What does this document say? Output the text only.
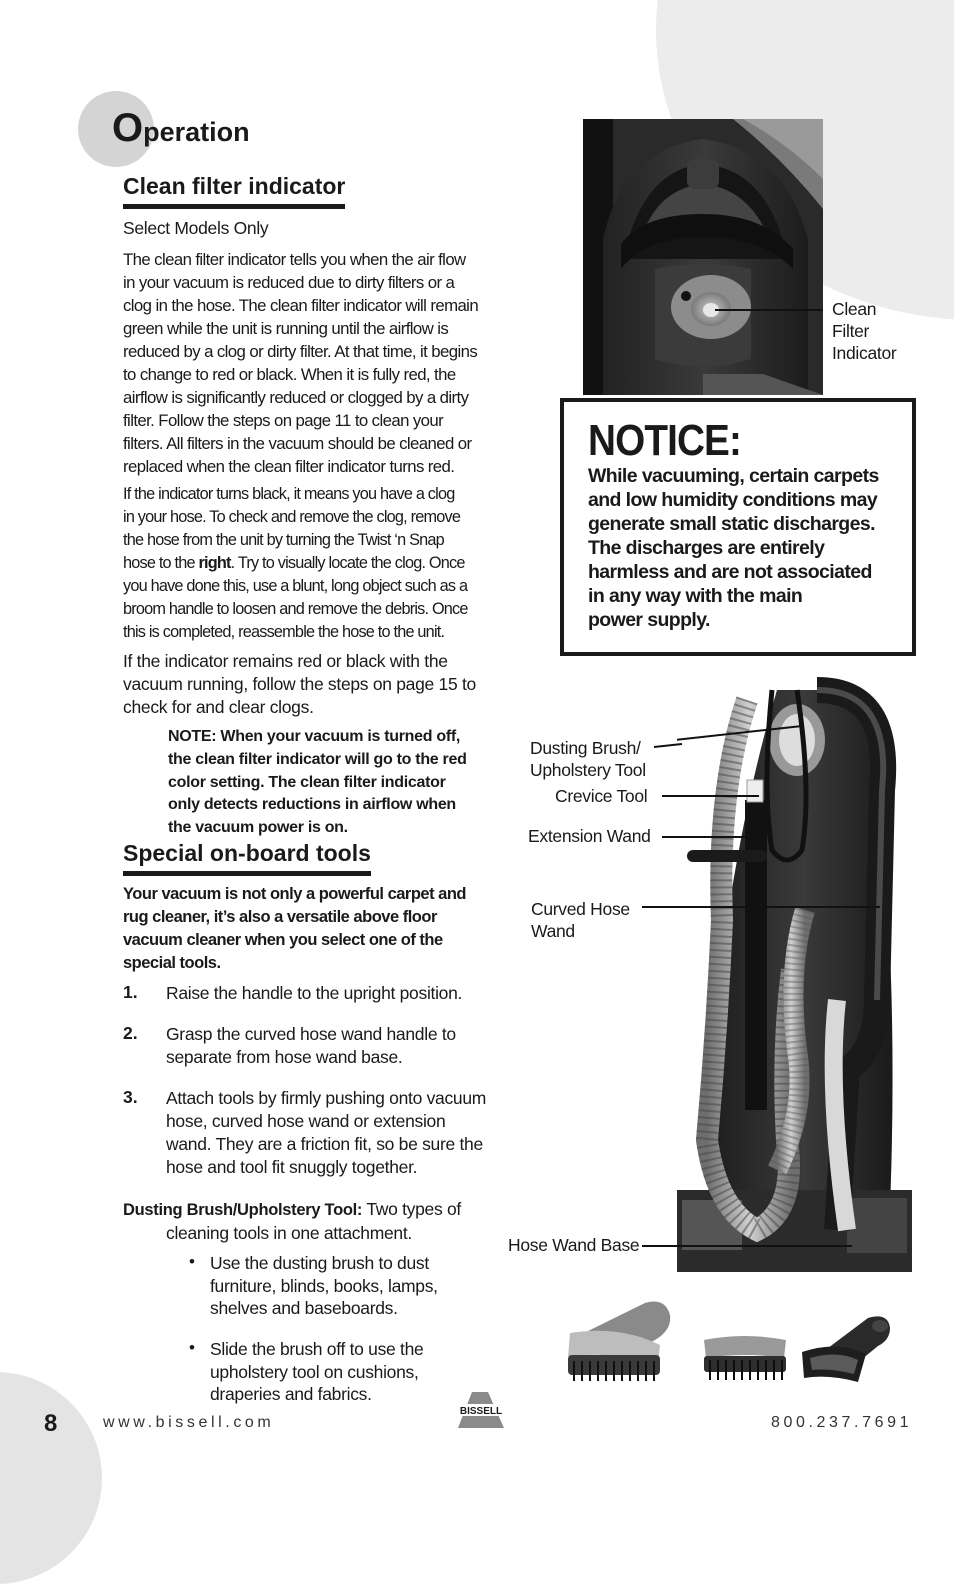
Operation
Clean filter indicator
Select Models Only
The clean filter indicator tells you when the air flow
in your vacuum is reduced due to dirty filters or a
clog in the hose. The clean filter indicator will remain
green while the unit is running until the airflow is
reduced by a clog or dirty filter. At that time, it begins
to change to red or black. When it is fully red, the
airflow is significantly reduced or clogged by a dirty
filter. Follow the steps on page 11 to clean your
filters. All filters in the vacuum should be cleaned or
replaced when the clean filter indicator turns red.
If the indicator turns black, it means you have a clog
in your hose. To check and remove the clog, remove
the hose from the unit by turning the Twist ‘n Snap
hose to the right. Try to visually locate the clog. Once
you have done this, use a blunt, long object such as a
broom handle to loosen and remove the debris. Once
this is completed, reassemble the hose to the unit.
If the indicator remains red or black with the
vacuum running, follow the steps on page 15 to
check for and clear clogs.
NOTE: When your vacuum is turned off,
the clean filter indicator will go to the red
color setting. The clean filter indicator
only detects reductions in airflow when
the vacuum power is on.
Special on-board tools
Your vacuum is not only a powerful carpet and
rug cleaner, it’s also a versatile above floor
vacuum cleaner when you select one of the
special tools.
1. Raise the handle to the upright position.
2. Grasp the curved hose wand handle to
separate from hose wand base.
3. Attach tools by firmly pushing onto vacuum
hose, curved hose wand or extension
wand. They are a friction fit, so be sure the
hose and tool fit snuggly together.
Dusting Brush/Upholstery Tool: Two types of
cleaning tools in one attachment.
• Use the dusting brush to dust
furniture, blinds, books, lamps,
shelves and baseboards.
• Slide the brush off to use the
upholstery tool on cushions,
draperies and fabrics.
Clean
Filter
Indicator
NOTICE:
While vacuuming, certain carpets
and low humidity conditions may
generate small static discharges.
The discharges are entirely
harmless and are not associated
in any way with the main
power supply.
Dusting Brush/
Upholstery Tool
Crevice Tool
Extension Wand
Curved Hose
Wand
Hose Wand Base
8	www.bissell.com
BISSELL
800.237.7691
